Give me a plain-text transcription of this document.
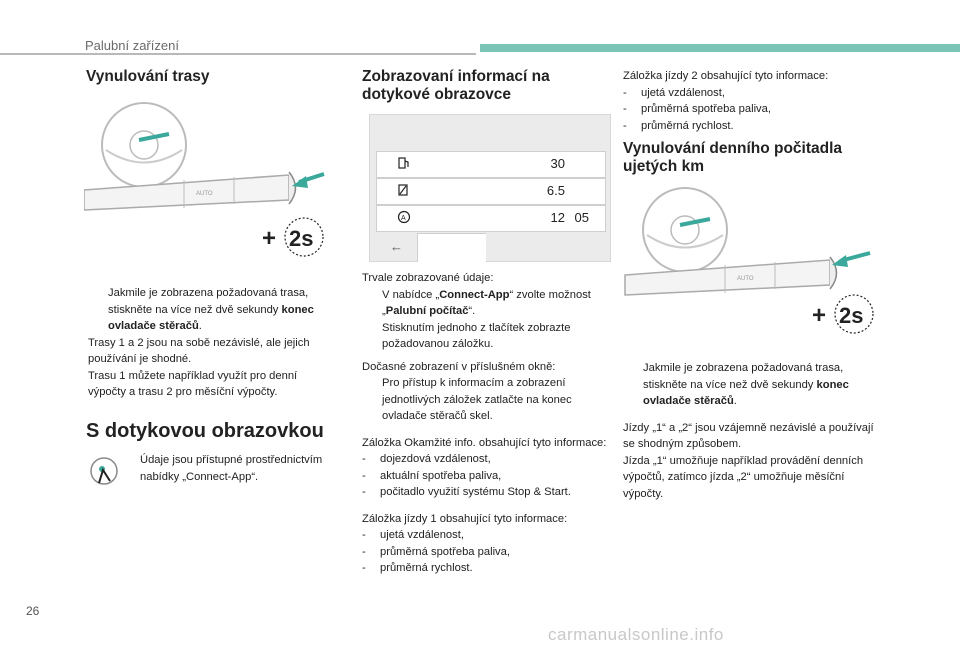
Palubní zařízení
Vynulování trasy
AUTO
+ 2s

Jakmile je zobrazena požadovaná trasa, stiskněte na více než dvě sekundy konec ovladače stěračů.

Trasy 1 a 2 jsou na sobě nezávislé, ale jejich používání je shodné.

Trasu 1 můžete například využít pro denní výpočty a trasu 2 pro měsíční výpočty.

S dotykovou obrazovkou

Údaje jsou přístupné prostřednictvím nabídky „Connect-App“.

Zobrazovaní informací na
dotykové obrazovce
30
6.5
A	12 05
←

Trvale zobrazované údaje:

V nabídce „Connect-App“ zvolte možnost „Palubní počítač“.

Stisknutím jednoho z tlačítek zobrazte požadovanou záložku.

Dočasné zobrazení v příslušném okně:

Pro přístup k informacím a zobrazení jednotlivých záložek zatlačte na konec ovladače stěračů skel.

Záložka Okamžité info. obsahující tyto informace:

- dojezdová vzdálenost,

- aktuální spotřeba paliva,

- počitadlo využití systému Stop & Start.

Záložka jízdy 1 obsahující tyto informace:

- ujetá vzdálenost,

- průměrná spotřeba paliva,

- průměrná rychlost.

Záložka jízdy 2 obsahující tyto informace:

- ujetá vzdálenost,

- průměrná spotřeba paliva,

- průměrná rychlost.

Vynulování denního počitadla
ujetých km
AUTO
+ 2s

Jakmile je zobrazena požadovaná trasa, stiskněte na více než dvě sekundy konec ovladače stěračů.

Jízdy „1“ a „2“ jsou vzájemně nezávislé a používají se shodným způsobem.

Jízda „1“ umožňuje například provádění denních výpočtů, zatímco jízda „2“ umožňuje měsíční výpočty.

26
carmanualsonline.info
